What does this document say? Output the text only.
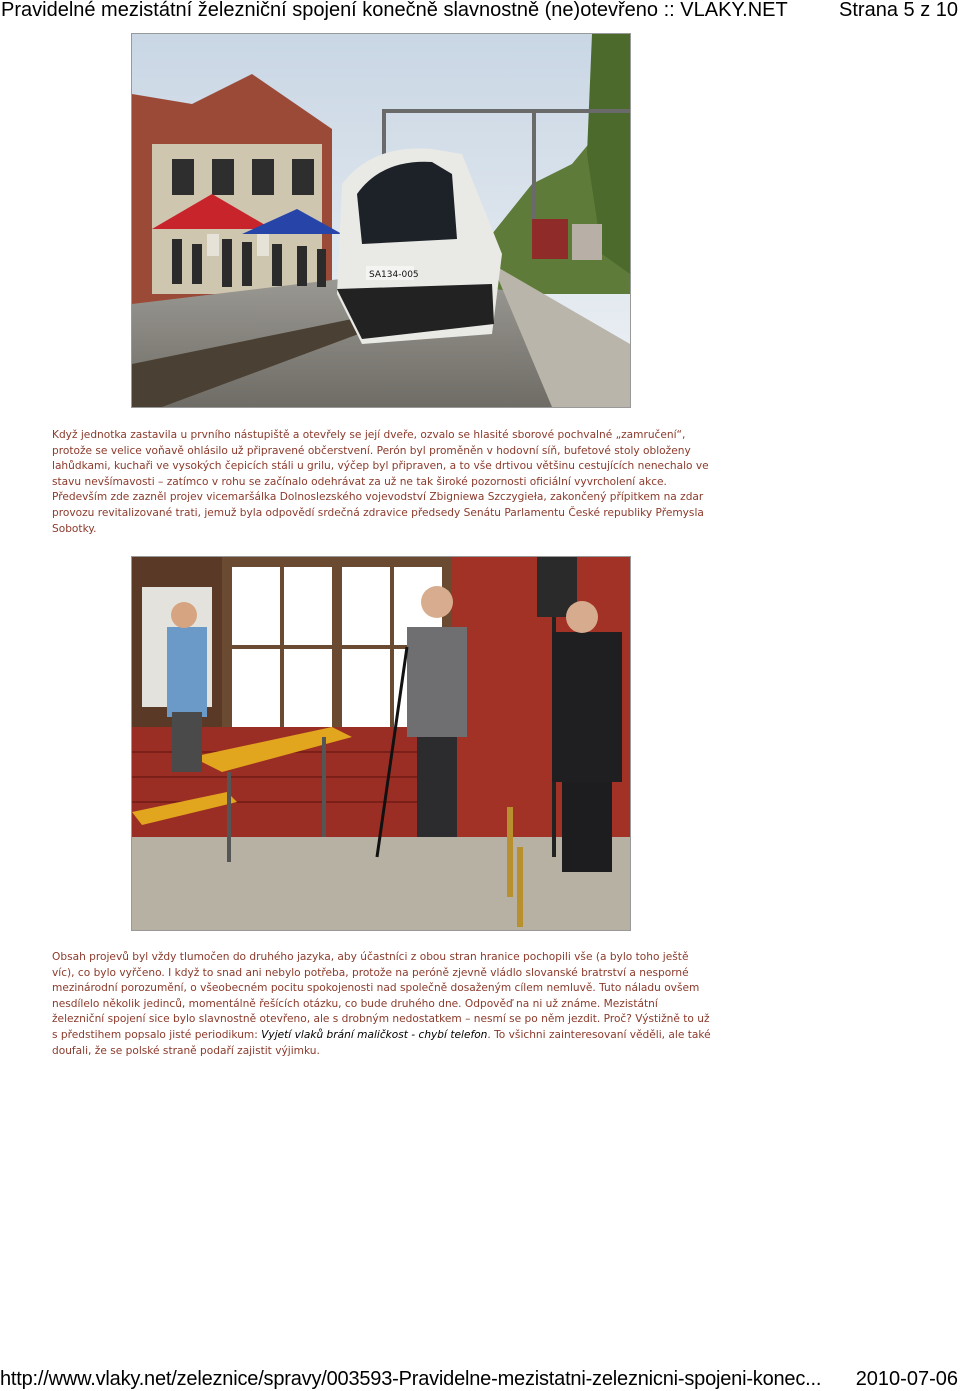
Pravidelné mezistátní železniční spojení konečně slavnostně (ne)otevřeno :: VLAKY.NET	Strana 5 z 10
SA134-005

Když jednotka zastavila u prvního nástupiště a otevřely se její dveře, ozvalo se hlasité sborové pochvalné „zamručení“, protože se velice voňavě ohlásilo už připravené občerstvení. Perón byl proměněn v hodovní síň, bufetové stoly obloženy lahůdkami, kuchaři ve vysokých čepicích stáli u grilu, výčep byl připraven, a to vše drtivou většinu cestujících nenechalo ve stavu nevšímavosti – zatímco v rohu se začínalo odehrávat za už ne tak široké pozornosti oficiální vyvrcholení akce.

Především zde zazněl projev vicemaršálka Dolnoslezského vojevodství Zbigniewa Szczygieła, zakončený přípitkem na zdar provozu revitalizované trati, jemuž byla odpovědí srdečná zdravice předsedy Senátu Parlamentu České republiky Přemysla Sobotky.

Obsah projevů byl vždy tlumočen do druhého jazyka, aby účastníci z obou stran hranice pochopili vše (a bylo toho ještě víc), co bylo vyřčeno. I když to snad ani nebylo potřeba, protože na peróně zjevně vládlo slovanské bratrství a nesporné mezinárodní porozumění, o všeobecném pocitu spokojenosti nad společně dosaženým cílem nemluvě. Tuto náladu ovšem nesdílelo několik jedinců, momentálně řešících otázku, co bude druhého dne. Odpověď na ni už známe. Mezistátní železniční spojení sice bylo slavnostně otevřeno, ale s drobným nedostatkem – nesmí se po něm jezdit. Proč? Výstižně to už s předstihem popsalo jisté periodikum: Vyjetí vlaků brání maličkost - chybí telefon. To všichni zainteresovaní věděli, ale také doufali, že se polské straně podaří zajistit výjimku.

http://www.vlaky.net/zeleznice/spravy/003593-Pravidelne-mezistatni-zeleznicni-spojeni-konec... 2010-07-06
